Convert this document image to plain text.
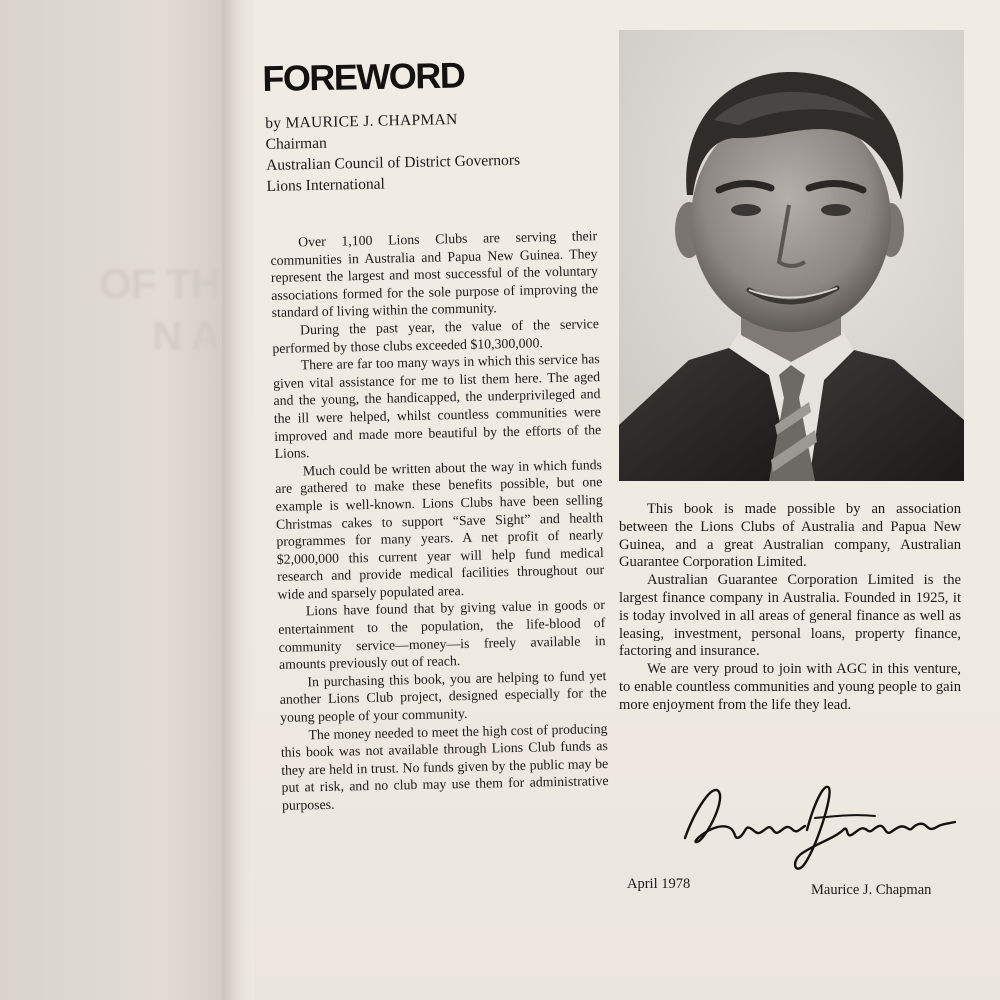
OF TH
N A
FOREWORD
by MAURICE J. CHAPMAN
Chairman
Australian Council of District Governors
Lions International

Over 1,100 Lions Clubs are serving their communities in Australia and Papua New Guinea. They represent the largest and most successful of the voluntary associations formed for the sole purpose of improving the standard of living within the community.

During the past year, the value of the service performed by those clubs exceeded $10,300,000.

There are far too many ways in which this service has given vital assistance for me to list them here. The aged and the young, the handicapped, the underprivileged and the ill were helped, whilst countless communities were improved and made more beautiful by the efforts of the Lions.

Much could be written about the way in which funds are gathered to make these benefits possible, but one example is well-known. Lions Clubs have been selling Christmas cakes to support “Save Sight” and health programmes for many years. A net profit of nearly $2,000,000 this current year will help fund medical research and provide medical facilities throughout our wide and sparsely populated area.

Lions have found that by giving value in goods or entertainment to the population, the life-blood of community service—money—is freely available in amounts previously out of reach.

In purchasing this book, you are helping to fund yet another Lions Club project, designed especially for the young people of your community.

The money needed to meet the high cost of producing this book was not available through Lions Club funds as they are held in trust. No funds given by the public may be put at risk, and no club may use them for administrative purposes.

This book is made possible by an association between the Lions Clubs of Australia and Papua New Guinea, and a great Australian company, Australian Guarantee Corporation Limited.

Australian Guarantee Corporation Limited is the largest finance company in Australia. Founded in 1925, it is today involved in all areas of general finance as well as leasing, investment, personal loans, property finance, factoring and insurance.

We are very proud to join with AGC in this venture, to enable countless communities and young people to gain more enjoyment from the life they lead.

April 1978	Maurice J. Chapman
